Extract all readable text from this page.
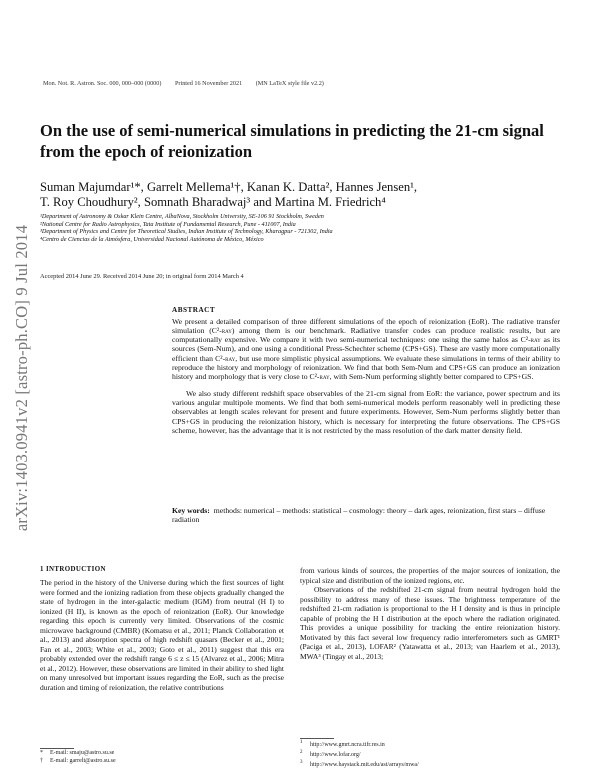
Mon. Not. R. Astron. Soc. 000, 000–000 (0000) Printed 16 November 2021 (MN LaTeX style file v2.2)
On the use of semi-numerical simulations in predicting the 21-cm signal from the epoch of reionization
Suman Majumdar¹*, Garrelt Mellema¹†, Kanan K. Datta², Hannes Jensen¹,
T. Roy Choudhury², Somnath Bharadwaj³ and Martina M. Friedrich⁴
¹Department of Astronomy & Oskar Klein Centre, AlbaNova, Stockholm University, SE-106 91 Stockholm, Sweden
²National Centre for Radio Astrophysics, Tata Institute of Fundamental Research, Pune - 411007, India
³Department of Physics and Centre for Theoretical Studies, Indian Institute of Technology, Kharagpur - 721302, India
⁴Centro de Ciencias de la Atmósfera, Universidad Nacional Autónoma de México, México
Accepted 2014 June 29. Received 2014 June 20; in original form 2014 March 4
arXiv:1403.0941v2 [astro-ph.CO] 9 Jul 2014	ABSTRACT

We present a detailed comparison of three different simulations of the epoch of reionization (EoR). The radiative transfer simulation (C²-ray) among them is our benchmark. Radiative transfer codes can produce realistic results, but are computationally expensive. We compare it with two semi-numerical techniques: one using the same halos as C²-ray as its sources (Sem-Num), and one using a conditional Press-Schechter scheme (CPS+GS). These are vastly more computationally efficient than C²-ray, but use more simplistic physical assumptions. We evaluate these simulations in terms of their ability to reproduce the history and morphology of reionization. We find that both Sem-Num and CPS+GS can produce an ionization history and morphology that is very close to C²-ray, with Sem-Num performing slightly better compared to CPS+GS.

We also study different redshift space observables of the 21-cm signal from EoR: the variance, power spectrum and its various angular multipole moments. We find that both semi-numerical models perform reasonably well in predicting these observables at length scales relevant for present and future experiments. However, Sem-Num performs slightly better than CPS+GS in producing the reionization history, which is necessary for interpreting the future observations. The CPS+GS scheme, however, has the advantage that it is not restricted by the mass resolution of the dark matter density field.

Key words: methods: numerical – methods: statistical – cosmology: theory – dark ages, reionization, first stars – diffuse radiation
1 INTRODUCTION

The period in the history of the Universe during which the first sources of light were formed and the ionizing radiation from these objects gradually changed the state of hydrogen in the inter-galactic medium (IGM) from neutral (H I) to ionized (H II), is known as the epoch of reionization (EoR). Our knowledge regarding this epoch is currently very limited. Observations of the cosmic microwave background (CMBR) (Komatsu et al., 2011; Planck Collaboration et al., 2013) and absorption spectra of high redshift quasars (Becker et al., 2001; Fan et al., 2003; White et al., 2003; Goto et al., 2011) suggest that this era probably extended over the redshift range 6 ≤ z ≤ 15 (Alvarez et al., 2006; Mitra et al., 2012). However, these observations are limited in their ability to shed light on many unresolved but important issues regarding the EoR, such as the precise duration and timing of reionization, the relative contributions

from various kinds of sources, the properties of the major sources of ionization, the typical size and distribution of the ionized regions, etc.

Observations of the redshifted 21-cm signal from neutral hydrogen hold the possibility to address many of these issues. The brightness temperature of the redshifted 21-cm radiation is proportional to the H I density and is thus in principle capable of probing the H I distribution at the epoch where the radiation originated. This provides a unique possibility for tracking the entire reionization history. Motivated by this fact several low frequency radio interferometers such as GMRT¹ (Paciga et al., 2013), LOFAR² (Yatawatta et al., 2013; van Haarlem et al., 2013), MWA³ (Tingay et al., 2013;

* E-mail: smaju@astro.su.se
† E-mail: garrelt@astro.su.se
$^1$ http://www.gmrt.ncra.tifr.res.in
$^2$ http://www.lofar.org/
$^3$ http://www.haystack.mit.edu/ast/arrays/mwa/
